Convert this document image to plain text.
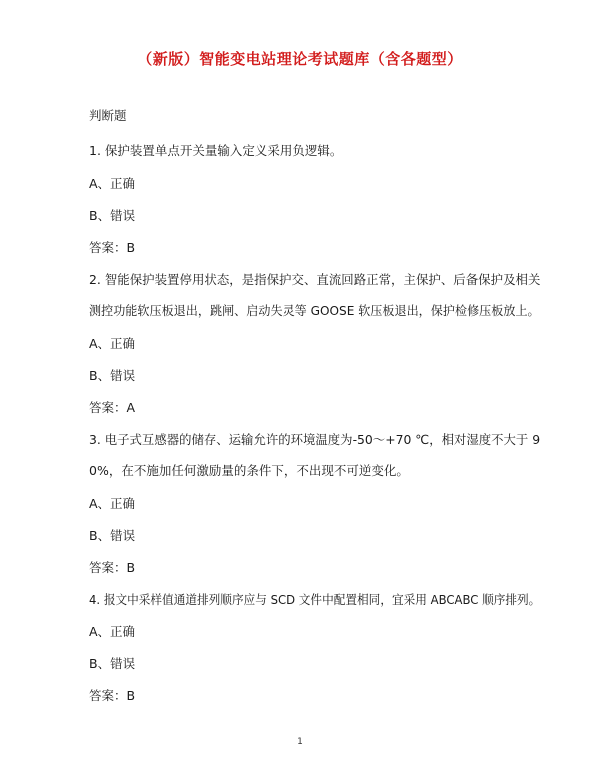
（新版）智能变电站理论考试题库（含各题型）
判断题
1. 保护装置单点开关量输入定义采用负逻辑。
A、正确
B、错误
答案：B
2. 智能保护装置停用状态，是指保护交、直流回路正常，主保护、后备保护及相关
测控功能软压板退出，跳闸、启动失灵等 GOOSE 软压板退出，保护检修压板放上。
A、正确
B、错误
答案：A
3. 电子式互感器的储存、运输允许的环境温度为-50～+70 ℃，相对湿度不大于 9
0%，在不施加任何激励量的条件下，不出现不可逆变化。
A、正确
B、错误
答案：B
4. 报文中采样值通道排列顺序应与 SCD 文件中配置相同，宜采用 ABCABC 顺序排列。
A、正确
B、错误
答案：B
1
